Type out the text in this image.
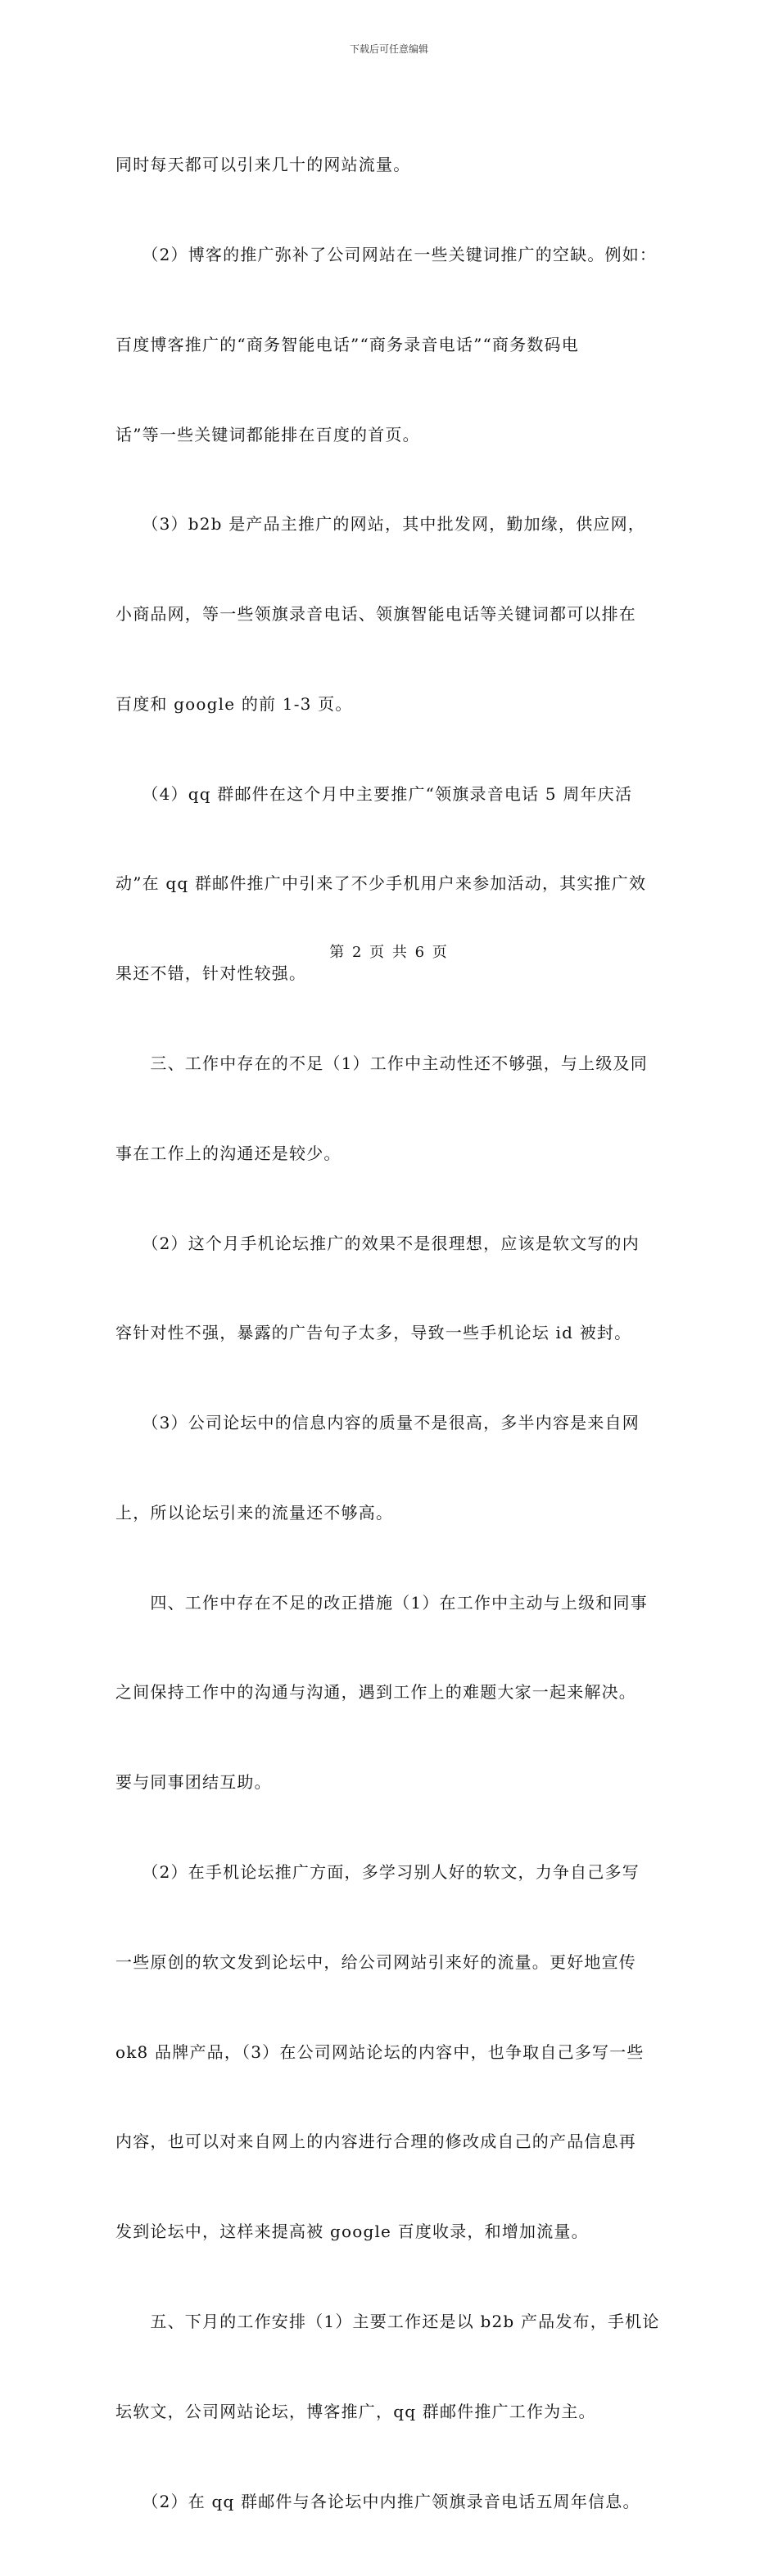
下载后可任意编辑

同时每天都可以引来几十的网站流量。

　　（2）博客的推广弥补了公司网站在一些关键词推广的空缺。例如：

百度博客推广的“商务智能电话”“商务录音电话”“商务数码电

话”等一些关键词都能排在百度的首页。

　　（3）b2b 是产品主推广的网站，其中批发网，勤加缘，供应网，

小商品网，等一些领旗录音电话、领旗智能电话等关键词都可以排在

百度和 google 的前 1-3 页。

　　（4）qq 群邮件在这个月中主要推广“领旗录音电话 5 周年庆活

动”在 qq 群邮件推广中引来了不少手机用户来参加活动，其实推广效

果还不错，针对性较强。

　　三、工作中存在的不足（1）工作中主动性还不够强，与上级及同

事在工作上的沟通还是较少。

　　（2）这个月手机论坛推广的效果不是很理想，应该是软文写的内

容针对性不强，暴露的广告句子太多，导致一些手机论坛 id 被封。

　　（3）公司论坛中的信息内容的质量不是很高，多半内容是来自网

上，所以论坛引来的流量还不够高。

　　四、工作中存在不足的改正措施（1）在工作中主动与上级和同事

之间保持工作中的沟通与沟通，遇到工作上的难题大家一起来解决。

要与同事团结互助。

　　（2）在手机论坛推广方面，多学习别人好的软文，力争自己多写

一些原创的软文发到论坛中，给公司网站引来好的流量。更好地宣传

ok8 品牌产品，（3）在公司网站论坛的内容中，也争取自己多写一些

内容，也可以对来自网上的内容进行合理的修改成自己的产品信息再

发到论坛中，这样来提高被 google 百度收录，和增加流量。

　　五、下月的工作安排（1）主要工作还是以 b2b 产品发布，手机论

坛软文，公司网站论坛，博客推广，qq 群邮件推广工作为主。

　　（2）在 qq 群邮件与各论坛中内推广领旗录音电话五周年信息。

第 2 页 共 6 页
